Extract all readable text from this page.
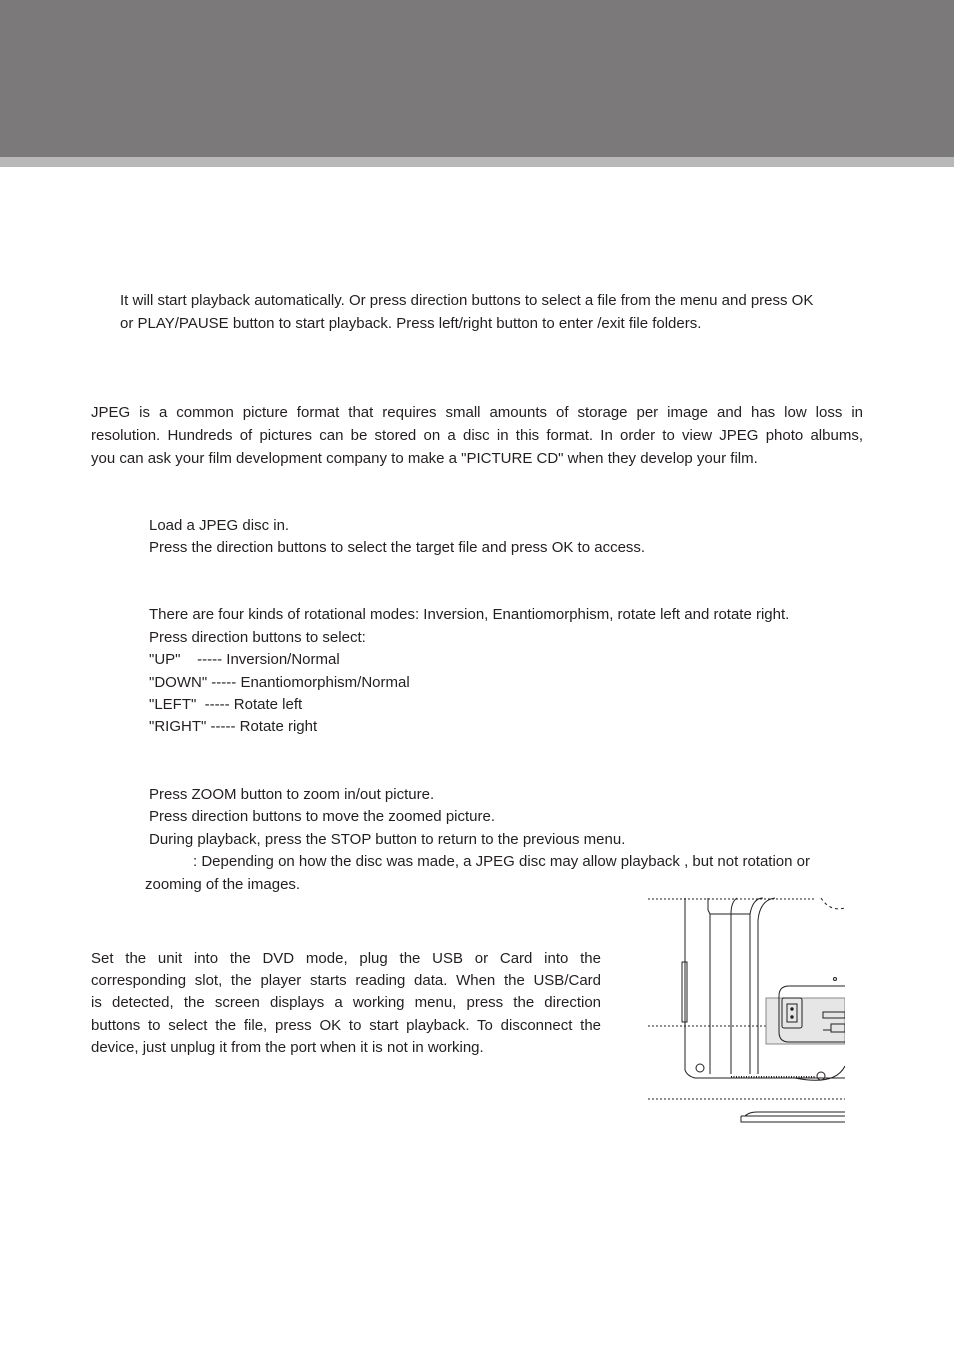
It will start playback automatically. Or press direction buttons to select a file from the menu and press OK
or PLAY/PAUSE button to start playback. Press left/right button to enter /exit file folders.
JPEG is a common picture format that requires small amounts of storage per image and has low loss in
resolution. Hundreds of pictures can be stored on a disc in this format. In order to view JPEG photo albums,
you can ask your film development company to make a "PICTURE CD" when they develop your film.
Load a JPEG disc in.
Press the direction buttons to select the target file and press OK to access.
There are four kinds of rotational modes: Inversion, Enantiomorphism, rotate left and rotate right.
Press direction buttons to select:
"UP"    ----- Inversion/Normal
"DOWN" ----- Enantiomorphism/Normal
"LEFT"  ----- Rotate left
"RIGHT" ----- Rotate right
Press ZOOM button to zoom in/out picture.
Press direction buttons to move the zoomed picture.
During playback, press the STOP button to return to the previous menu.
: Depending on how the disc was made, a JPEG disc may allow playback , but not rotation or
zooming of the images.
Set the unit into the DVD mode, plug the USB or Card into the
corresponding slot, the player starts reading data. When the USB/Card
is detected, the screen displays a working menu, press the direction
buttons to select the file, press OK to start playback. To disconnect the
device, just unplug it from the port when it is not in working.
